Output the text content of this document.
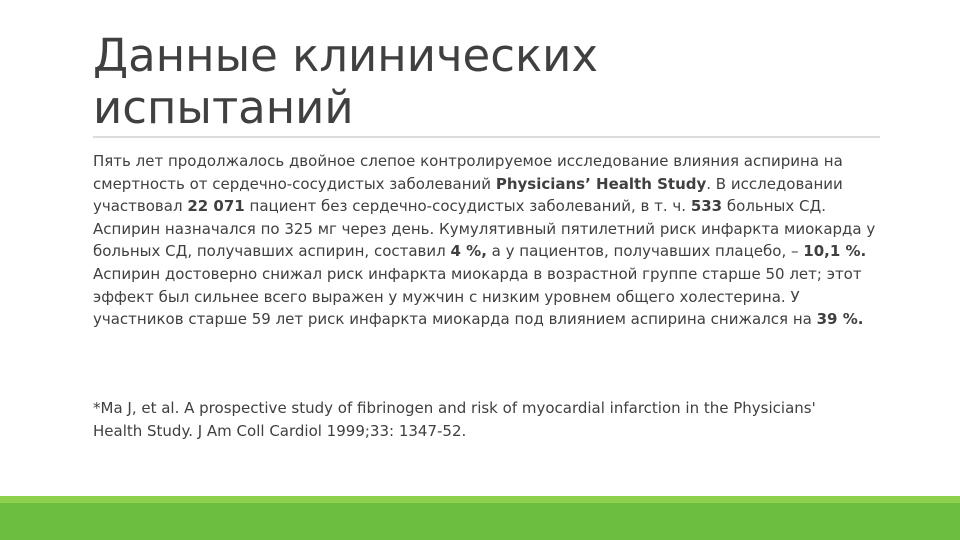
Данные клинических
испытаний

Пять лет продолжалось двойное слепое контролируемое исследование влияния аспирина на смертность от сердечно-сосудистых заболеваний Physicians’ Health Study. В исследовании участвовал 22 071 пациент без сердечно-сосудистых заболеваний, в т. ч. 533 больных СД. Аспирин назначался по 325 мг через день. Кумулятивный пятилетний риск инфаркта миокарда у больных СД, получавших аспирин, составил 4 %, а у пациентов, получавших плацебо, – 10,1 %. Аспирин достоверно снижал риск инфаркта миокарда в возрастной группе старше 50 лет; этот эффект был сильнее всего выражен у мужчин с низким уровнем общего холестерина. У участников старше 59 лет риск инфаркта миокарда под влиянием аспирина снижался на 39 %.

*Ma J, et al. A prospective study of fibrinogen and risk of myocardial infarction in the Physicians'
Health Study. J Am Coll Cardiol 1999;33: 1347-52.
